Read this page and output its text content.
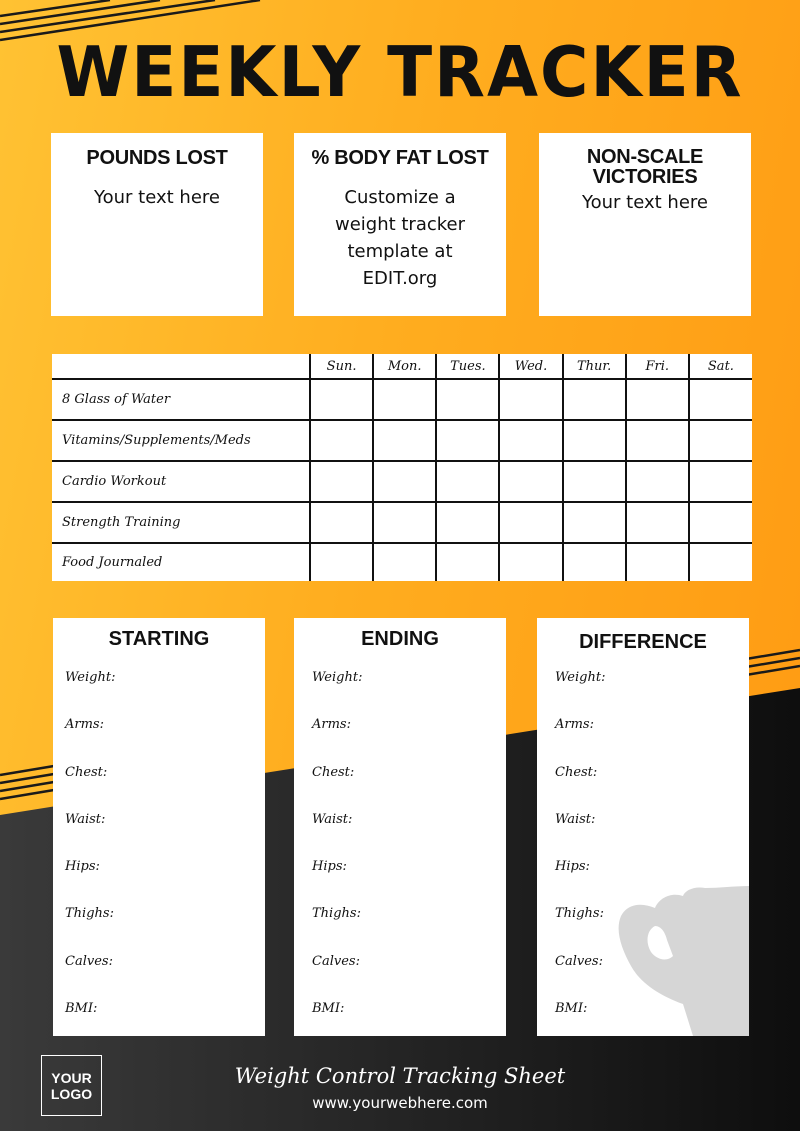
WEEKLY TRACKER
POUNDS LOST

Your text here

% BODY FAT LOST

Customize a weight tracker template at EDIT.org

NON-SCALE
VICTORIES

Your text here

	Sun.	Mon.	Tues.	Wed.	Thur.	Fri.	Sat.
8 Glass of Water							
Vitamins/Supplements/Meds							
Cardio Workout							
Strength Training							
Food Journaled							
STARTING
Weight:
Arms:
Chest:
Waist:
Hips:
Thighs:
Calves:
BMI:
ENDING
Weight:
Arms:
Chest:
Waist:
Hips:
Thighs:
Calves:
BMI:
DIFFERENCE
Weight:
Arms:
Chest:
Waist:
Hips:
Thighs:
Calves:
BMI:
YOUR
LOGO
Weight Control Tracking Sheet
www.yourwebhere.com
